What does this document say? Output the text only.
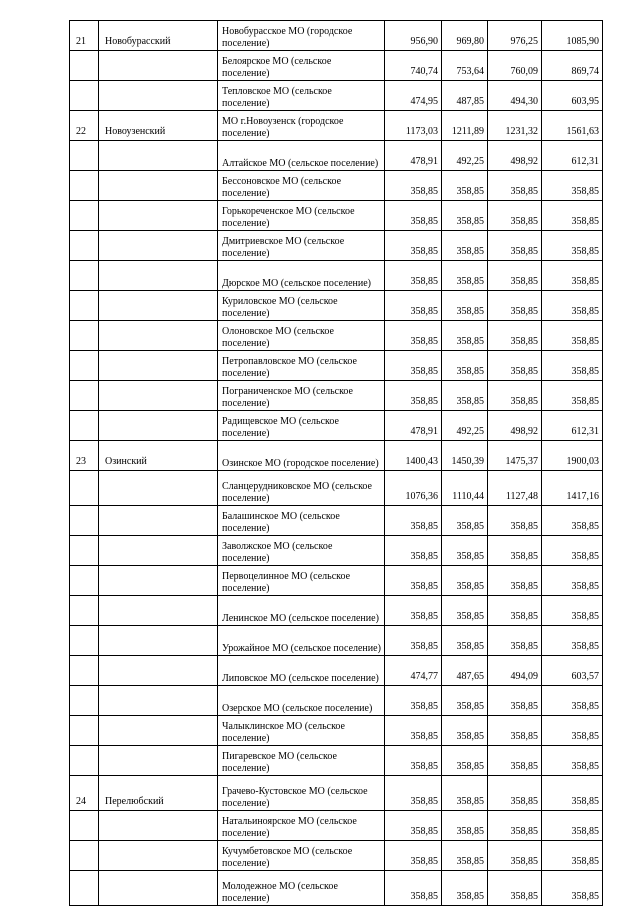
21	Новобурасский	Новобурасское МО (городское поселение)	956,90	969,80	976,25	1085,90
		Белоярское МО (сельское поселение)	740,74	753,64	760,09	869,74
		Тепловское МО (сельское поселение)	474,95	487,85	494,30	603,95
22	Новоузенский	МО г.Новоузенск (городское поселение)	1173,03	1211,89	1231,32	1561,63
		Алтайское МО (сельское поселение)	478,91	492,25	498,92	612,31
		Бессоновское МО (сельское поселение)	358,85	358,85	358,85	358,85
		Горькореченское МО (сельское поселение)	358,85	358,85	358,85	358,85
		Дмитриевское МО (сельское поселение)	358,85	358,85	358,85	358,85
		Дюрское МО (сельское поселение)	358,85	358,85	358,85	358,85
		Куриловское МО (сельское поселение)	358,85	358,85	358,85	358,85
		Олоновское МО (сельское поселение)	358,85	358,85	358,85	358,85
		Петропавловское МО (сельское поселение)	358,85	358,85	358,85	358,85
		Пограниченское МО (сельское поселение)	358,85	358,85	358,85	358,85
		Радищевское МО (сельское поселение)	478,91	492,25	498,92	612,31
23	Озинский	Озинское МО (городское поселение)	1400,43	1450,39	1475,37	1900,03
		Сланцерудниковское МО (сельское поселение)	1076,36	1110,44	1127,48	1417,16
		Балашинское МО (сельское поселение)	358,85	358,85	358,85	358,85
		Заволжское МО (сельское поселение)	358,85	358,85	358,85	358,85
		Первоцелинное МО (сельское поселение)	358,85	358,85	358,85	358,85
		Ленинское МО (сельское поселение)	358,85	358,85	358,85	358,85
		Урожайное МО (сельское поселение)	358,85	358,85	358,85	358,85
		Липовское МО (сельское поселение)	474,77	487,65	494,09	603,57
		Озерское МО (сельское поселение)	358,85	358,85	358,85	358,85
		Чалыклинское МО (сельское поселение)	358,85	358,85	358,85	358,85
		Пигаревское МО (сельское поселение)	358,85	358,85	358,85	358,85
24	Перелюбский	Грачево-Кустовское МО (сельское поселение)	358,85	358,85	358,85	358,85
		Натальиноярское МО (сельское поселение)	358,85	358,85	358,85	358,85
		Кучумбетовское МО (сельское поселение)	358,85	358,85	358,85	358,85
		Молодежное МО (сельское поселение)	358,85	358,85	358,85	358,85
